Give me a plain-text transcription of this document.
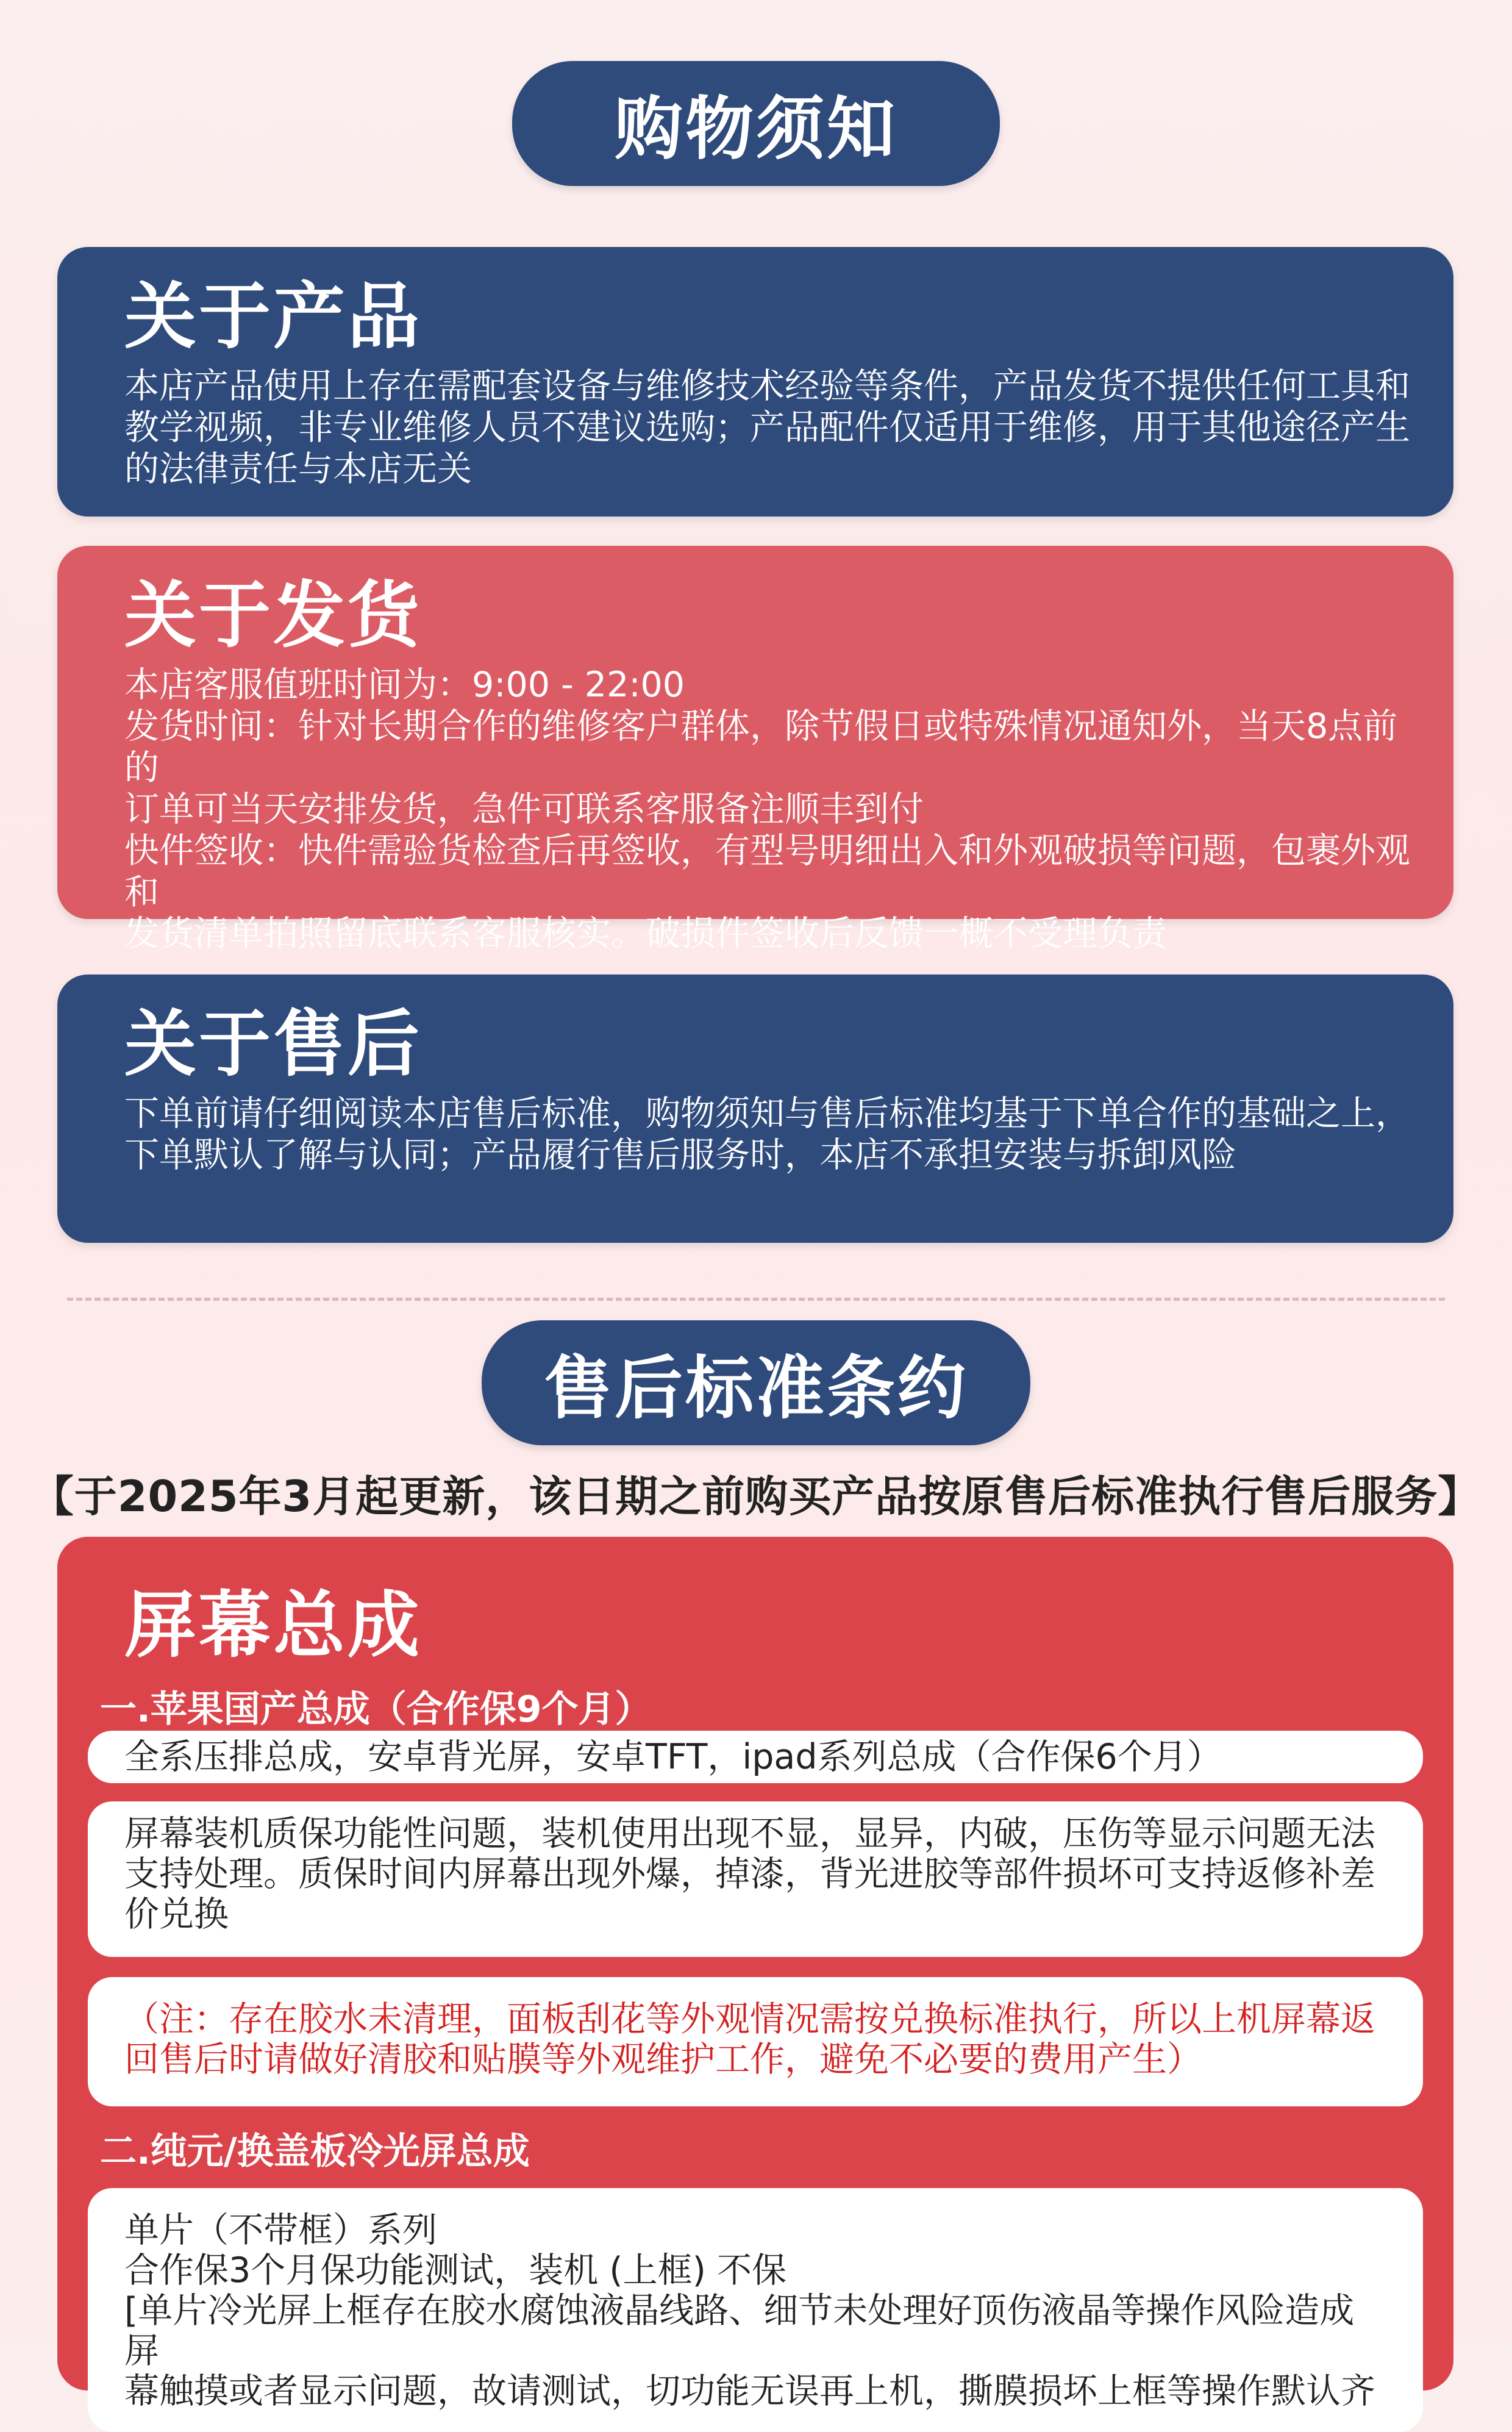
购物须知
关于产品

本店产品使用上存在需配套设备与维修技术经验等条件，产品发货不提供任何工具和

教学视频，非专业维修人员不建议选购；产品配件仅适用于维修，用于其他途径产生

的法律责任与本店无关

关于发货

本店客服值班时间为：9:00 - 22:00

发货时间：针对长期合作的维修客户群体，除节假日或特殊情况通知外，当天8点前的

订单可当天安排发货，急件可联系客服备注顺丰到付

快件签收：快件需验货检查后再签收，有型号明细出入和外观破损等问题，包裹外观和

发货清单拍照留底联系客服核实。破损件签收后反馈一概不受理负责

关于售后

下单前请仔细阅读本店售后标准，购物须知与售后标准均基于下单合作的基础之上，

下单默认了解与认同；产品履行售后服务时，本店不承担安装与拆卸风险

售后标准条约
【于2025年3月起更新，该日期之前购买产品按原售后标准执行售后服务】
屏幕总成
一.苹果国产总成（合作保9个月）
全系压排总成，安卓背光屏，安卓TFT，ipad系列总成（合作保6个月）

屏幕装机质保功能性问题，装机使用出现不显，显异，内破，压伤等显示问题无法

支持处理。质保时间内屏幕出现外爆，掉漆，背光进胶等部件损坏可支持返修补差

价兑换

（注：存在胶水未清理，面板刮花等外观情况需按兑换标准执行，所以上机屏幕返

回售后时请做好清胶和贴膜等外观维护工作，避免不必要的费用产生）

二.纯元/换盖板冷光屏总成

单片（不带框）系列

合作保3个月保功能测试，装机 (上框) 不保

[单片冷光屏上框存在胶水腐蚀液晶线路、细节未处理好顶伤液晶等操作风险造成屏

幕触摸或者显示问题，故请测试，切功能无误再上机，撕膜损坏上框等操作默认齐
